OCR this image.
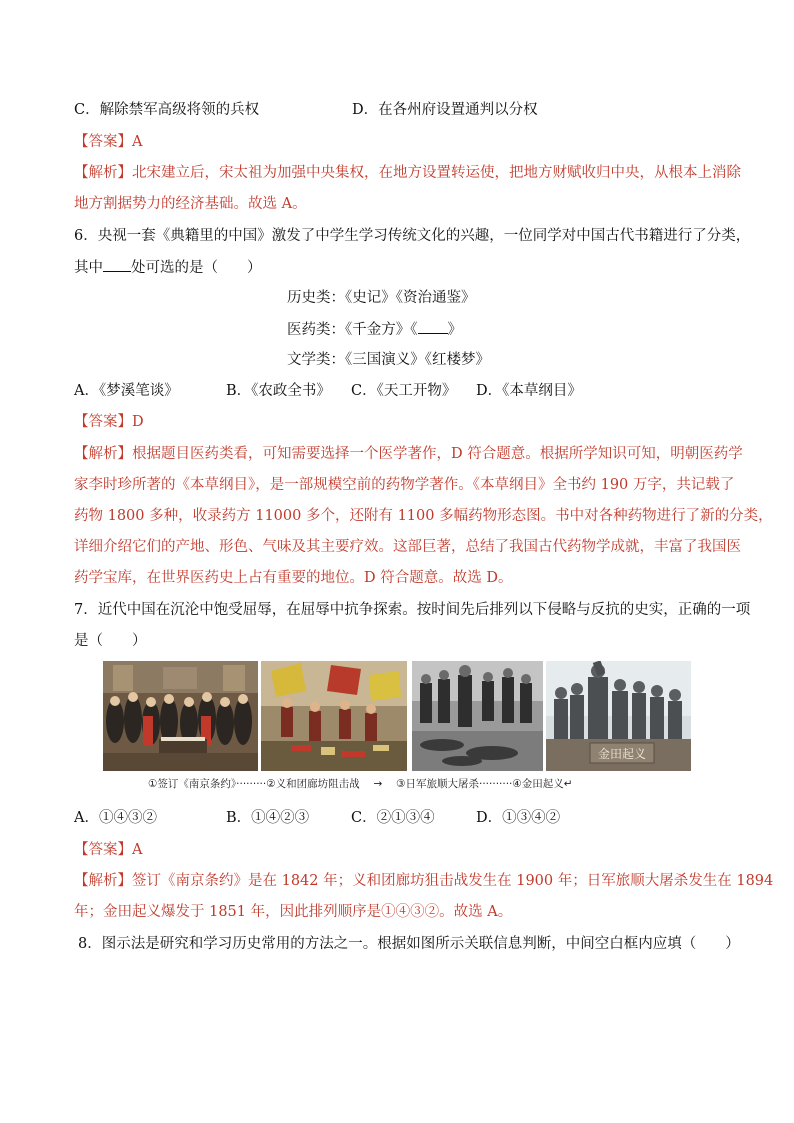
C．解除禁军高级将领的兵权	D．在各州府设置通判以分权
【答案】A
【解析】北宋建立后，宋太祖为加强中央集权，在地方设置转运使，把地方财赋收归中央，从根本上消除
地方割据势力的经济基础。故选 A。
6．央视一套《典籍里的中国》激发了中学生学习传统文化的兴趣，一位同学对中国古代书籍进行了分类，
其中 处可选的是（　　）
历史类：《史记》《资治通鉴》
医药类：《千金方》《 》
文学类：《三国演义》《红楼梦》
A．《梦溪笔谈》	B．《农政全书》 C．《天工开物》 D．《本草纲目》
【答案】D
【解析】根据题目医药类看，可知需要选择一个医学著作，D 符合题意。根据所学知识可知，明朝医药学
家李时珍所著的《本草纲目》，是一部规模空前的药物学著作。《本草纲目》全书约 190 万字，共记载了
药物 1800 多种，收录药方 11000 多个，还附有 1100 多幅药物形态图。书中对各种药物进行了新的分类，
详细介绍它们的产地、形色、气味及其主要疗效。这部巨著，总结了我国古代药物学成就，丰富了我国医
药学宝库，在世界医药史上占有重要的地位。D 符合题意。故选 D。
7．近代中国在沉沦中饱受屈辱，在屈辱中抗争探索。按时间先后排列以下侵略与反抗的史实，正确的一项
是（　　）
金田起义
①签订《南京条约》·········②义和团廊坊阻击战　 →　 ③日军旅顺大屠杀··········④金田起义↵
A．①④③②	B．①④②③	C．②①③④	D．①③④②
【答案】A
【解析】签订《南京条约》是在 1842 年；义和团廊坊狙击战发生在 1900 年；日军旅顺大屠杀发生在 1894
年；金田起义爆发于 1851 年，因此排列顺序是①④③②。故选 A。
8．图示法是研究和学习历史常用的方法之一。根据如图所示关联信息判断，中间空白框内应填（　　）
